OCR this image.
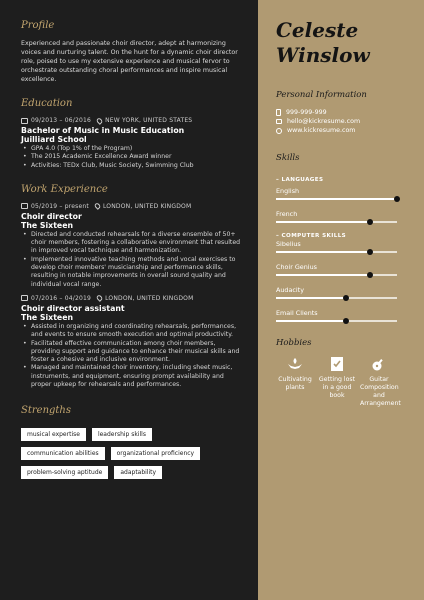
Profile
Experienced and passionate choir director, adept at harmonizing voices and nurturing talent. On the hunt for a dynamic choir director role, poised to use my extensive experience and musical fervor to orchestrate outstanding choral performances and inspire musical excellence.
Education
09/2013 – 06/2016 NEW YORK, UNITED STATES
Bachelor of Music in Music Education
Juilliard School
• GPA 4.0 (Top 1% of the Program)
• The 2015 Academic Excellence Award winner
• Activities: TEDx Club, Music Society, Swimming Club
Work Experience
05/2019 – present LONDON, UNITED KINGDOM
Choir director
The Sixteen
• Directed and conducted rehearsals for a diverse ensemble of 50+ choir members, fostering a collaborative environment that resulted in improved vocal technique and harmonization.
• Implemented innovative teaching methods and vocal exercises to develop choir members' musicianship and performance skills, resulting in notable improvements in overall sound quality and individual vocal range.
07/2016 – 04/2019 LONDON, UNITED KINGDOM
Choir director assistant
The Sixteen
• Assisted in organizing and coordinating rehearsals, performances, and events to ensure smooth execution and optimal productivity.
• Facilitated effective communication among choir members, providing support and guidance to enhance their musical skills and foster a cohesive and inclusive environment.
• Managed and maintained choir inventory, including sheet music, instruments, and equipment, ensuring prompt availability and proper upkeep for rehearsals and performances.
Strengths
musical expertise	leadership skills
communication abilities	organizational proficiency
problem-solving aptitude	adaptability
Celeste
Winslow
Personal Information
999-999-999
hello@kickresume.com
www.kickresume.com
Skills
– LANGUAGES
English
French
– COMPUTER SKILLS
Sibelius
Choir Genius
Audacity
Email Clients
Hobbies
Cultivating plants
Getting lost in a good book
Guitar Composition and Arrangement
